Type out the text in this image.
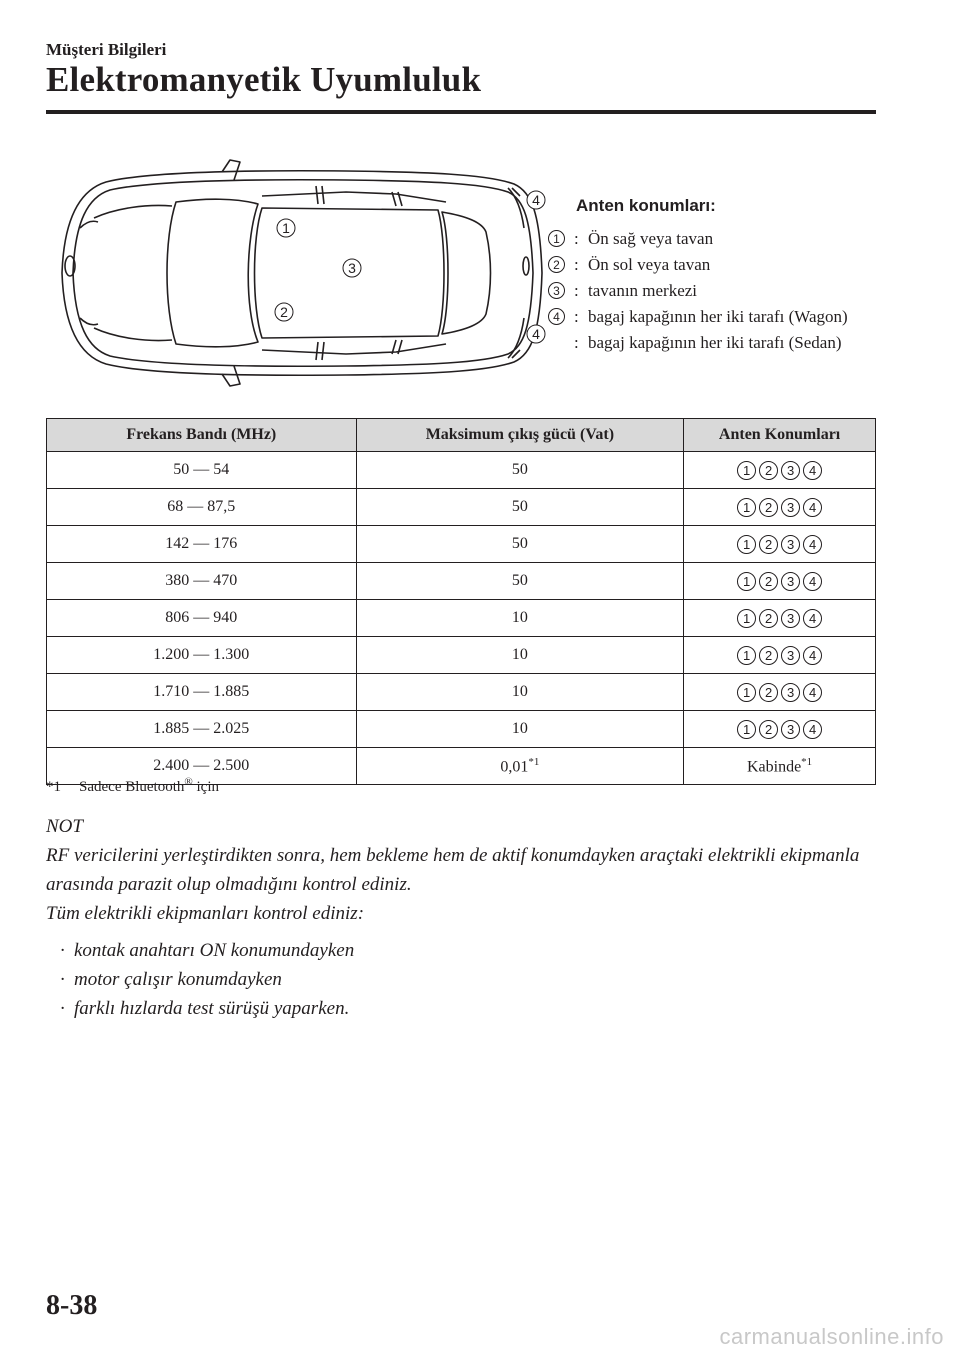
Müşteri Bilgileri
Elektromanyetik Uyumluluk
1
2
3
4
4
Anten konumları:
1 : Ön sağ veya tavan
2 : Ön sol veya tavan
3 : tavanın merkezi
4 : bagaj kapağının her iki tarafı (Wagon)
: bagaj kapağının her iki tarafı (Sedan)
Frekans Bandı (MHz)	Maksimum çıkış gücü (Vat)	Anten Konumları
50 — 54	50	1 2 3 4

68 — 87,5	50	1 2 3 4

142 — 176	50	1 2 3 4

380 — 470	50	1 2 3 4

806 — 940	10	1 2 3 4

1.200 — 1.300	10	1 2 3 4

1.710 — 1.885	10	1 2 3 4

1.885 — 2.025	10	1 2 3 4

2.400 — 2.500	0,01$^{*1}$	Kabinde$^{*1}$
*1 Sadece Bluetooth® için
NOT
RF vericilerini yerleştirdikten sonra, hem bekleme hem de aktif konumdayken araçtaki elektrikli ekipmanla arasında parazit olup olmadığını kontrol ediniz.
Tüm elektrikli ekipmanları kontrol ediniz:
· kontak anahtarı ON konumundayken
· motor çalışır konumdayken
· farklı hızlarda test sürüşü yaparken.
8-38
carmanualsonline.info
